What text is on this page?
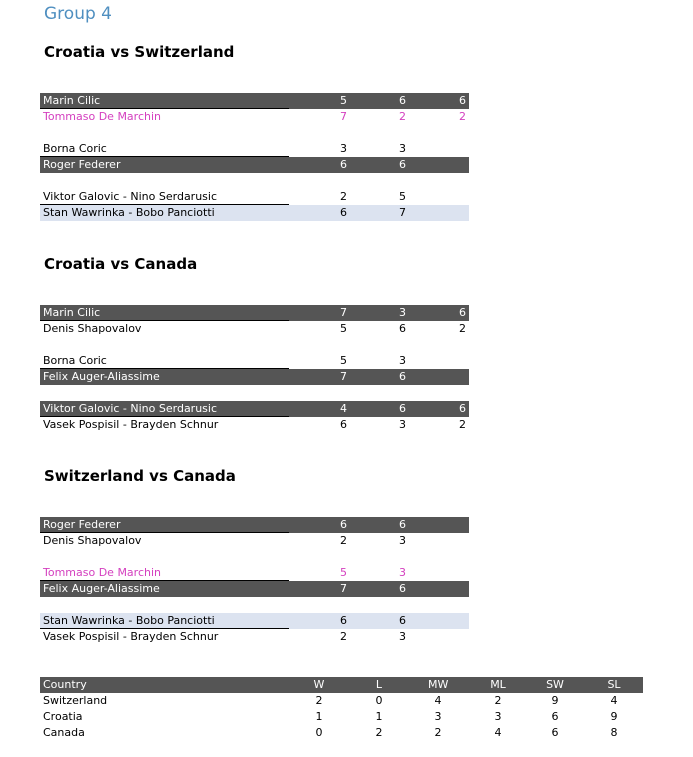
Group 4
Croatia vs Switzerland
Marin Cilic	5	6	6
Tommaso De Marchin	7	2	2
Borna Coric	3	3
Roger Federer	6	6
Viktor Galovic - Nino Serdarusic	2	5
Stan Wawrinka - Bobo Panciotti	6	7
Croatia vs Canada
Marin Cilic	7	3	6
Denis Shapovalov	5	6	2
Borna Coric	5	3
Felix Auger-Aliassime	7	6
Viktor Galovic - Nino Serdarusic	4	6	6
Vasek Pospisil - Brayden Schnur	6	3	2
Switzerland vs Canada
Roger Federer	6	6
Denis Shapovalov	2	3
Tommaso De Marchin	5	3
Felix Auger-Aliassime	7	6
Stan Wawrinka - Bobo Panciotti	6	6
Vasek Pospisil - Brayden Schnur	2	3
Country	W	L	MW	ML	SW	SL
Switzerland	2	0	4	2	9	4
Croatia	1	1	3	3	6	9
Canada	0	2	2	4	6	8
